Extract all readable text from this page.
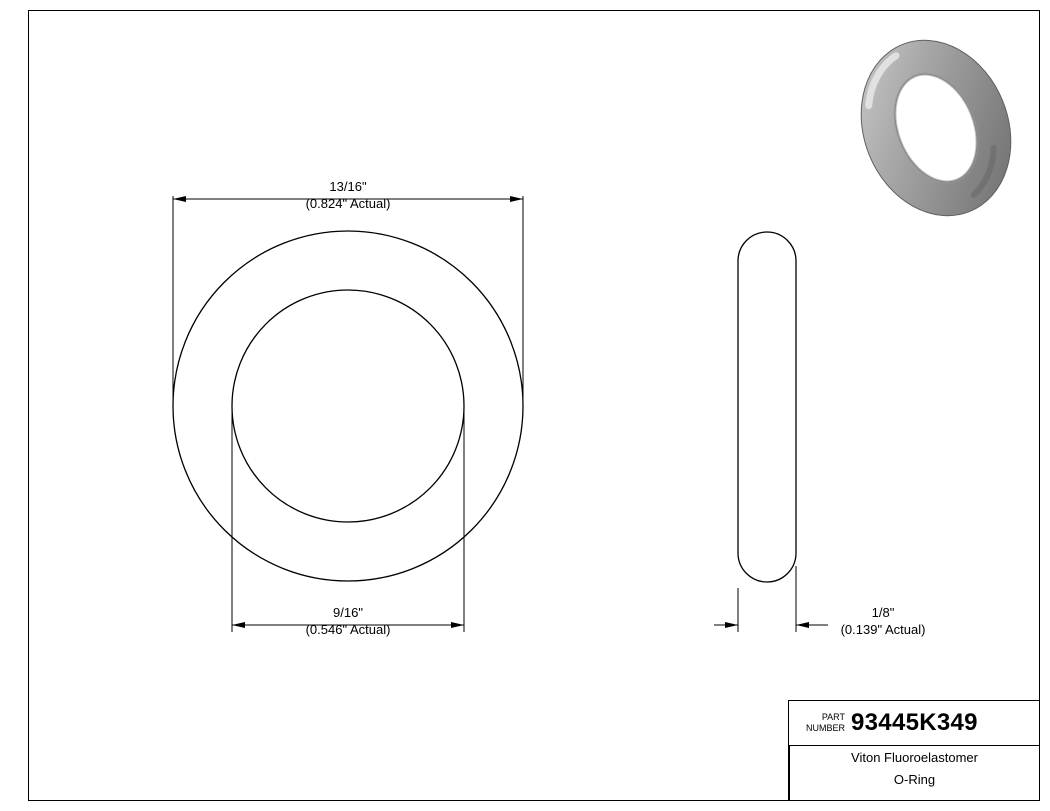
13/16"
(0.824" Actual)
9/16"
(0.546" Actual)
1/8"
(0.139" Actual)
PART
NUMBER 93445K349
Viton Fluoroelastomer
O-Ring
